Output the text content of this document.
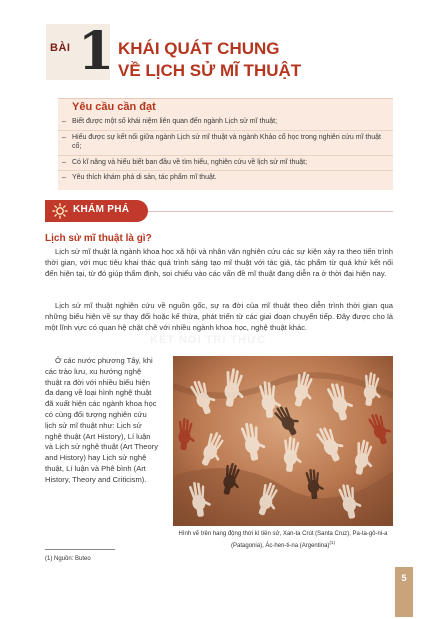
BÀI 1 KHÁI QUÁT CHUNG
VỀ LỊCH SỬ MĨ THUẬT
Yêu cầu cần đạt
– Biết được một số khái niệm liên quan đến ngành Lịch sử mĩ thuật;
– Hiểu được sự kết nối giữa ngành Lịch sử mĩ thuật và ngành Khảo cổ học trong nghiên cứu mĩ thuật cổ;
– Có kĩ năng và hiểu biết ban đầu về tìm hiểu, nghiên cứu về lịch sử mĩ thuật;
– Yêu thích khám phá di sản, tác phẩm mĩ thuật.
KHÁM PHÁ
KẾT NỐI TRI THỨC
Lịch sử mĩ thuật là gì?

Lịch sử mĩ thuật là ngành khoa học xã hội và nhân văn nghiên cứu các sự kiện xảy ra theo tiến trình thời gian, với mục tiêu khai thác quá trình sáng tạo mĩ thuật với tác giả, tác phẩm từ quá khứ kết nối đến hiện tại, từ đó giúp thẩm định, soi chiếu vào các vấn đề mĩ thuật đang diễn ra ở thời đại hiện nay.

Lịch sử mĩ thuật nghiên cứu về nguồn gốc, sự ra đời của mĩ thuật theo diễn trình thời gian qua những biểu hiện về sự thay đổi hoặc kế thừa, phát triển từ các giai đoạn chuyển tiếp. Đây được cho là một lĩnh vực có quan hệ chặt chẽ với nhiều ngành khoa học, nghệ thuật khác.

Ở các nước phương Tây, khi các trào lưu, xu hướng nghệ thuật ra đời với nhiều biểu hiện đa dạng về loại hình nghệ thuật đã xuất hiện các ngành khoa học có cùng đối tượng nghiên cứu lịch sử mĩ thuật như: Lịch sử nghệ thuật (Art History), Lí luận và Lịch sử nghệ thuật (Art Theory and History) hay Lịch sử nghệ thuật, Lí luận và Phê bình (Art History, Theory and Criticism).

Hình vẽ trên hang động thời kì tiền sử, Xan-ta Crút (Santa Cruz), Pa-ta-gô-ni-a (Patagonia), Ác-hen-ti-na (Argentina)$^{(1)}$
(1) Nguồn: Buteo
5
